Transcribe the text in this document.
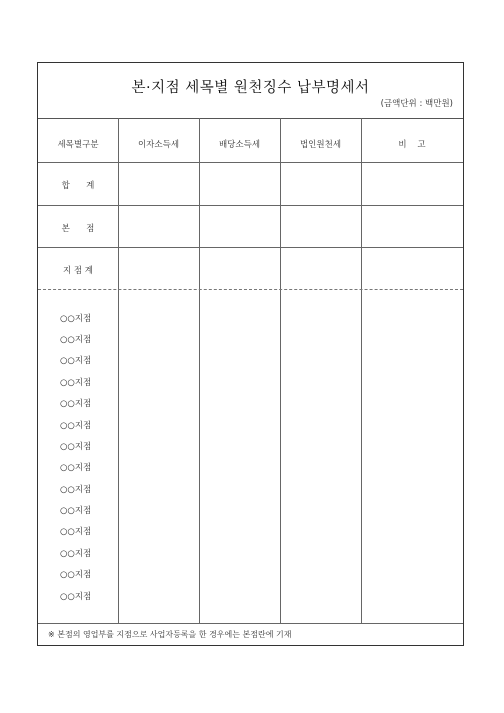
본·지점 세목별 원천징수 납부명세서
(금액단위 : 백만원)
세목별구분	이자소득세	배당소득세	법인원천세	비    고
합      계
본      점
지 점 계
○○지점
○○지점
○○지점
○○지점
○○지점
○○지점
○○지점
○○지점
○○지점
○○지점
○○지점
○○지점
○○지점
○○지점
※ 본점의 영업부를 지점으로 사업자등록을 한 경우에는 본점란에 기재
